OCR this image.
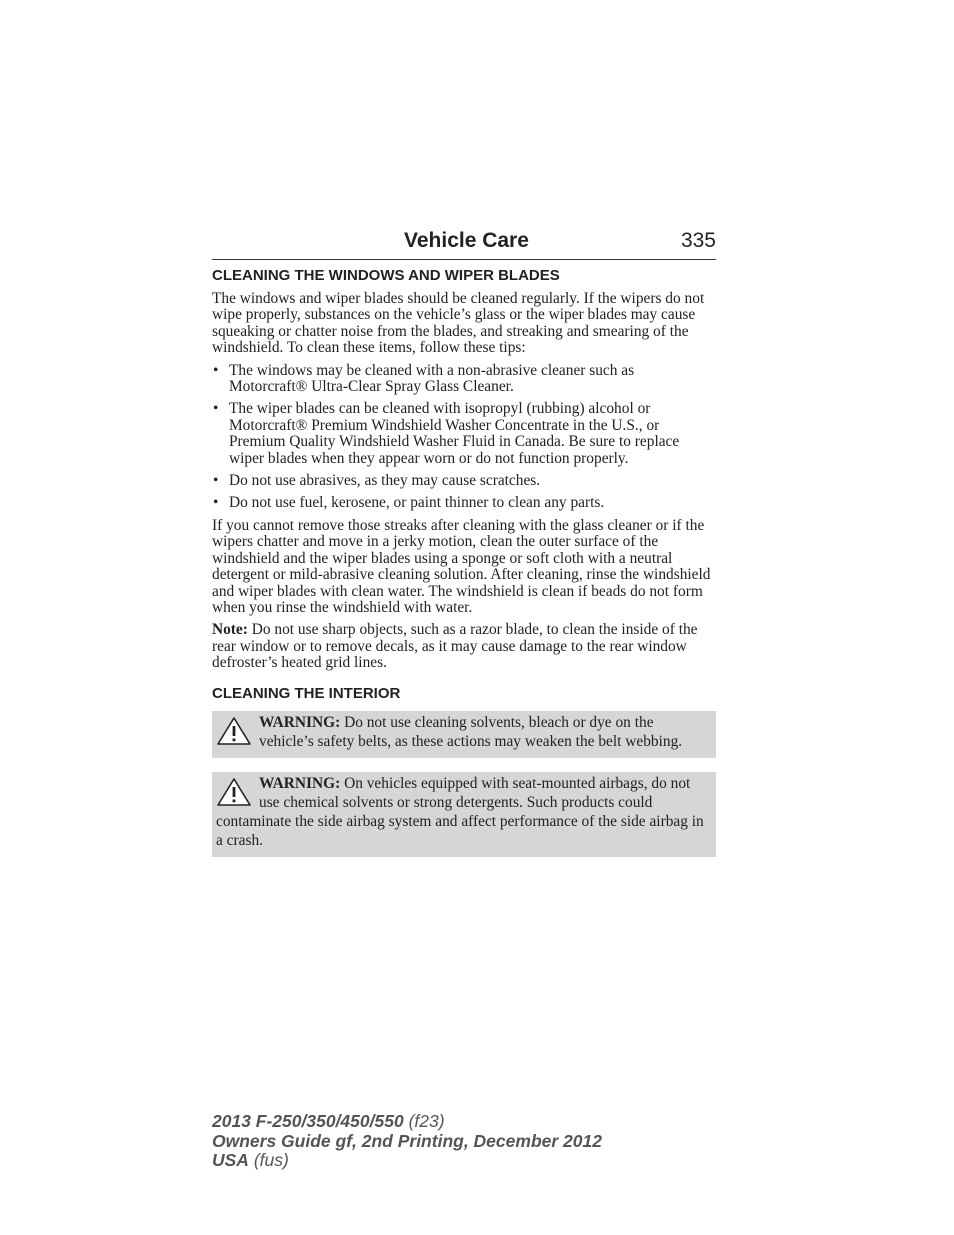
Vehicle Care	335
CLEANING THE WINDOWS AND WIPER BLADES

The windows and wiper blades should be cleaned regularly. If the wipers do not wipe properly, substances on the vehicle’s glass or the wiper blades may cause squeaking or chatter noise from the blades, and streaking and smearing of the windshield. To clean these items, follow these tips:

• The windows may be cleaned with a non-abrasive cleaner such as Motorcraft® Ultra-Clear Spray Glass Cleaner.
• The wiper blades can be cleaned with isopropyl (rubbing) alcohol or Motorcraft® Premium Windshield Washer Concentrate in the U.S., or Premium Quality Windshield Washer Fluid in Canada. Be sure to replace wiper blades when they appear worn or do not function properly.
• Do not use abrasives, as they may cause scratches.
• Do not use fuel, kerosene, or paint thinner to clean any parts.

If you cannot remove those streaks after cleaning with the glass cleaner or if the wipers chatter and move in a jerky motion, clean the outer surface of the windshield and the wiper blades using a sponge or soft cloth with a neutral detergent or mild-abrasive cleaning solution. After cleaning, rinse the windshield and wiper blades with clean water. The windshield is clean if beads do not form when you rinse the windshield with water.

Note: Do not use sharp objects, such as a razor blade, to clean the inside of the rear window or to remove decals, as it may cause damage to the rear window defroster’s heated grid lines.

CLEANING THE INTERIOR
WARNING: Do not use cleaning solvents, bleach or dye on the vehicle’s safety belts, as these actions may weaken the belt webbing.
WARNING: On vehicles equipped with seat-mounted airbags, do not use chemical solvents or strong detergents. Such products could contaminate the side airbag system and affect performance of the side airbag in a crash.
2013 F-250/350/450/550 (f23)
Owners Guide gf, 2nd Printing, December 2012
USA (fus)
